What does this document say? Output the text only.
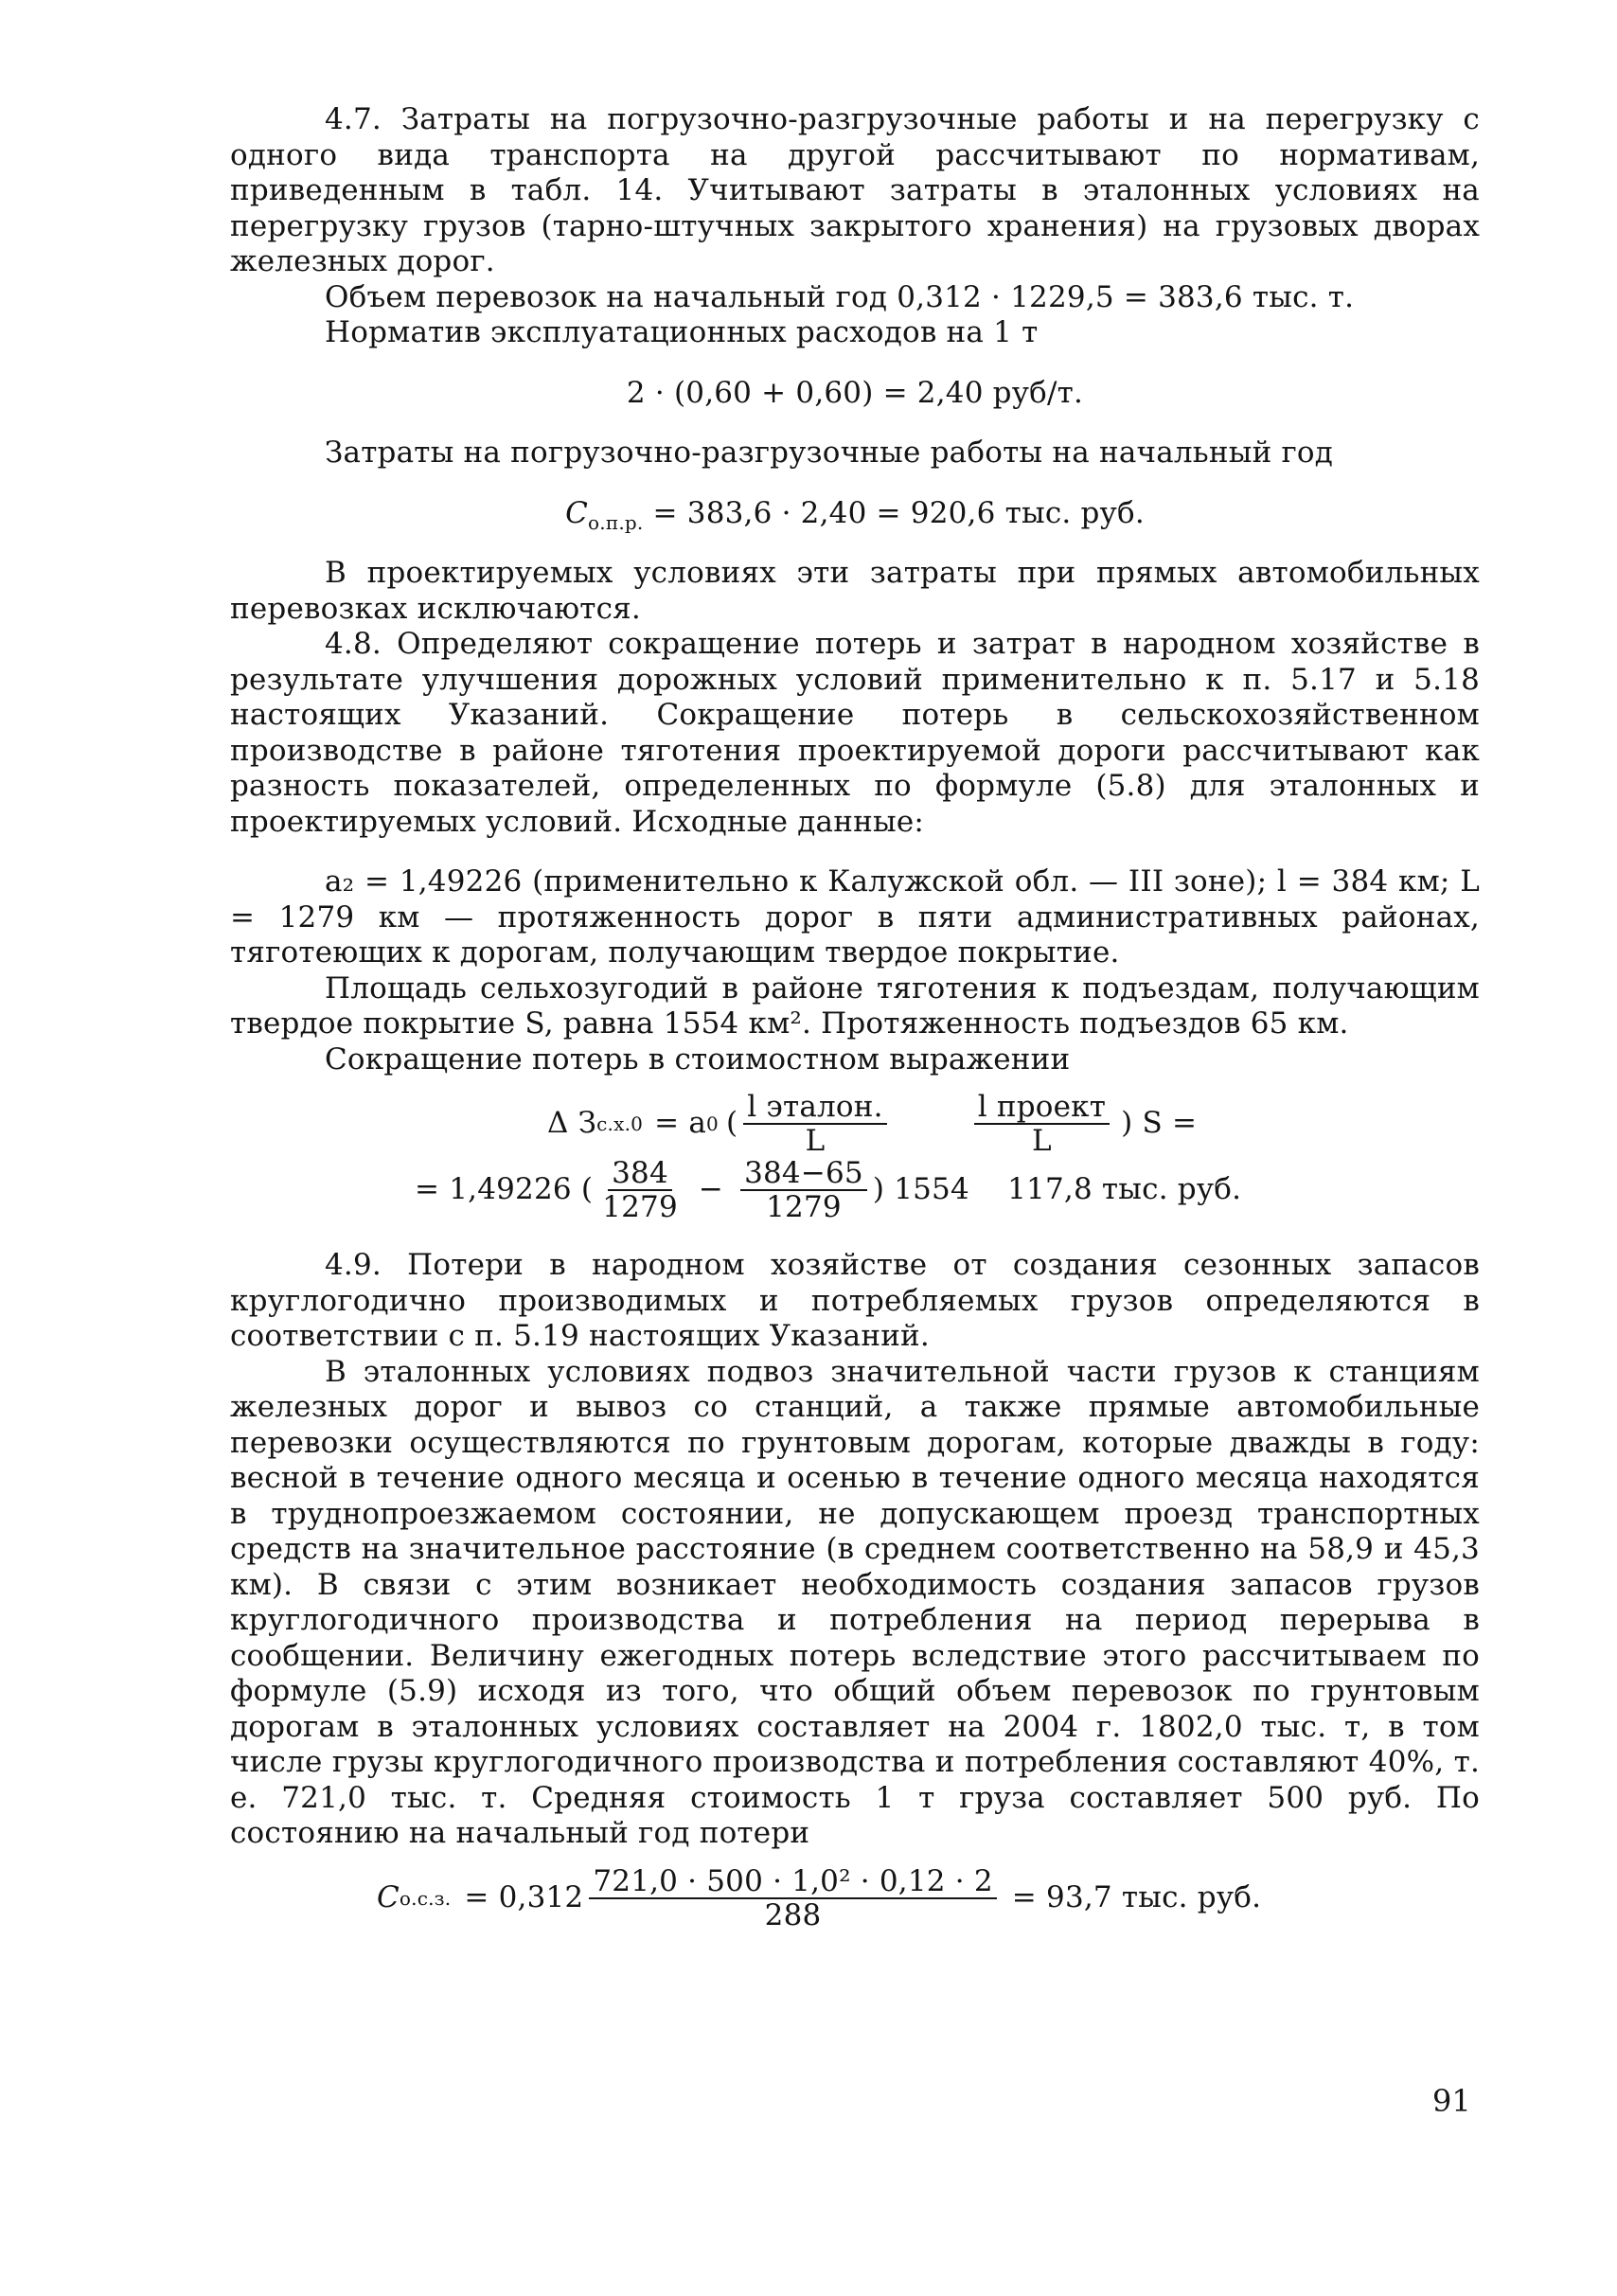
4.7. Затраты на погрузочно-разгрузочные работы и на перегрузку с одного вида транспорта на другой рассчитывают по нормативам, приведенным в табл. 14. Учитывают затраты в эталонных условиях на перегрузку грузов (тарно-штучных закрытого хранения) на грузовых дворах железных дорог.

Объем перевозок на начальный год 0,312 · 1229,5 = 383,6 тыс. т.

Норматив эксплуатационных расходов на 1 т

2 · (0,60 + 0,60) = 2,40 руб/т.

Затраты на погрузочно-разгрузочные работы на начальный год

$C_{о.п.р.} = 383,6 \cdot 2,40 = 920,6$ тыс. руб.

В проектируемых условиях эти затраты при прямых автомобильных перевозках исключаются.

4.8. Определяют сокращение потерь и затрат в народном хозяйстве в результате улучшения дорожных условий применительно к п. 5.17 и 5.18 настоящих Указаний. Сокращение потерь в сельскохозяйственном производстве в районе тяготения проектируемой дороги рассчитывают как разность показателей, определенных по формуле (5.8) для эталонных и проектируемых условий. Исходные данные:

a₂ = 1,49226 (применительно к Калужской обл. — III зоне); l = 384 км; L = 1279 км — протяженность дорог в пяти административных районах, тяготеющих к дорогам, получающим твердое покрытие.

Площадь сельхозугодий в районе тяготения к подъездам, получающим твердое покрытие S, равна 1554 км². Протяженность подъездов 65 км.

Сокращение потерь в стоимостном выражении

Δ З с.х. 0 = a 0 ( $\frac{\text{l эталон.}}{L}$	$\frac{\text{l проект}}{L}$ ) S =
= 1,49226 ( $\frac{384}{1279} - \frac{384-65}{1279}$ ) 1554    117,8 тыс. руб.

4.9. Потери в народном хозяйстве от создания сезонных запасов круглогодично производимых и потребляемых грузов определяются в соответствии с п. 5.19 настоящих Указаний.

В эталонных условиях подвоз значительной части грузов к станциям железных дорог и вывоз со станций, а также прямые автомобильные перевозки осуществляются по грунтовым дорогам, которые дважды в году: весной в течение одного месяца и осенью в течение одного месяца находятся в труднопроезжаемом состоянии, не допускающем проезд транспортных средств на значительное расстояние (в среднем соответственно на 58,9 и 45,3 км). В связи с этим возникает необходимость создания запасов грузов круглогодичного производства и потребления на период перерыва в сообщении. Величину ежегодных потерь вследствие этого рассчитываем по формуле (5.9) исходя из того, что общий объем перевозок по грунтовым дорогам в эталонных условиях составляет на 2004 г. 1802,0 тыс. т, в том числе грузы круглогодичного производства и потребления составляют 40%, т. е. 721,0 тыс. т. Средняя стоимость 1 т груза составляет 500 руб. По состоянию на начальный год потери

C о.с.з. = $0,312 \frac{\text{721,0 · 500 · 1,0² · 0,12 · 2}}{288} = 93,7$ тыс. руб.
91
